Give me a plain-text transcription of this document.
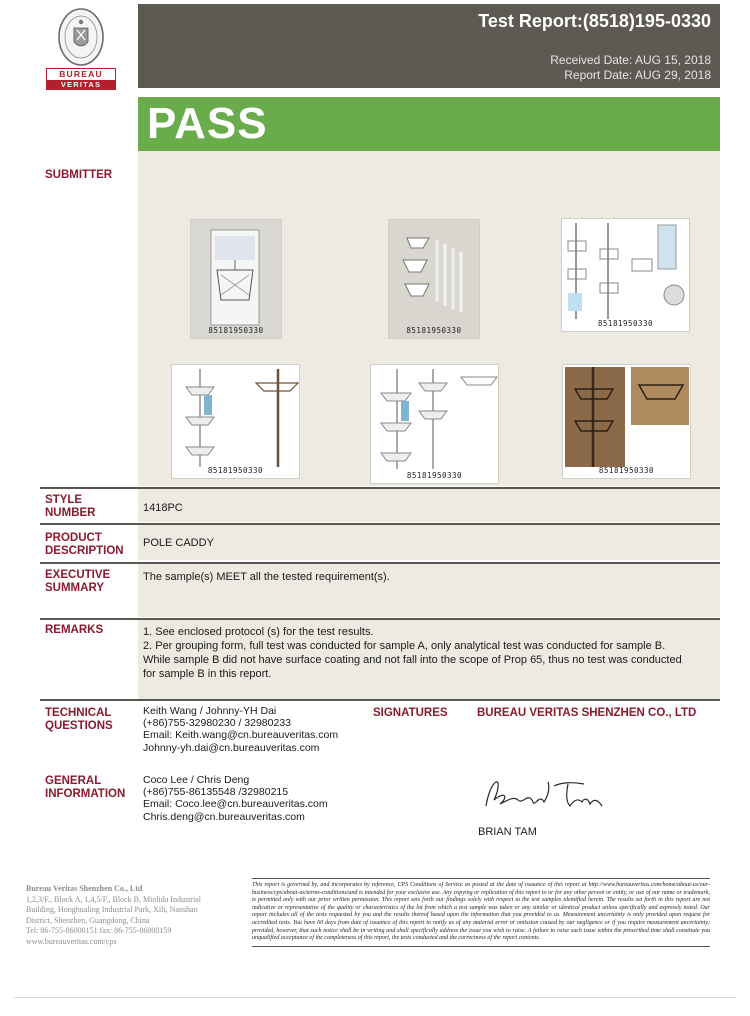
BUREAU
VERITAS
Test Report:(8518)195-0330
Received Date: AUG 15, 2018
Report Date: AUG 29, 2018
PASS
SUBMITTER
85181950330	85181950330
85181950330
85181950330
85181950330
85181950330
STYLE
NUMBER	1418PC
PRODUCT
DESCRIPTION
POLE CADDY
EXECUTIVE
SUMMARY
The sample(s) MEET all the tested requirement(s).
REMARKS	1. See enclosed protocol (s) for the test results.
2. Per grouping form, full test was conducted for sample A, only analytical test was conducted for sample B.
While sample B did not have surface coating and not fall into the scope of Prop 65, thus no test was conducted
for sample B in this report.
TECHNICAL
QUESTIONS
Keith Wang / Johnny-YH Dai
(+86)755-32980230 / 32980233
Email: Keith.wang@cn.bureauveritas.com
Johnny-yh.dai@cn.bureauveritas.com
SIGNATURES	BUREAU VERITAS SHENZHEN CO., LTD
GENERAL
INFORMATION
Coco Lee / Chris Deng
(+86)755-86135548 /32980215
Email: Coco.lee@cn.bureauveritas.com
Chris.deng@cn.bureauveritas.com
BRIAN TAM
Bureau Veritas Shenzhen Co., Ltd
1,2,3/F., Block A, 1,4,5/F., Block B, Minlida Industrial
Building, Honghualing Industrial Park, Xili, Nanshan
District, Shenzhen, Guangdong, China
Tel: 86-755-86000151 fax: 86-755-86000159
www.bureauveritas.com/cps
This report is governed by, and incorporates by reference, CPS Conditions of Service as posted at the date of issuance of this report at http://www.bureauveritas.com/home/about-us/our-business/cps/about-us/terms-conditions/and is intended for your exclusive use. Any copying or replication of this report to or for any other person or entity, or use of our name or trademark, is permitted only with our prior written permission. This report sets forth our findings solely with respect to the test samples identified herein. The results set forth in this report are not indicative or representative of the quality or characteristics of the lot from which a test sample was taken or any similar or identical product unless specifically and expressly noted. Our report includes all of the tests requested by you and the results thereof based upon the information that you provided to us. Measurement uncertainty is only provided upon request for accredited tests. You have 60 days from date of issuance of this report to notify us of any material error or omission caused by our negligence or if you require measurement uncertainty; provided, however, that such notice shall be in writing and shall specifically address the issue you wish to raise. A failure to raise such issue within the prescribed time shall constitute you unqualified acceptance of the completeness of this report, the tests conducted and the correctness of the report contents.
